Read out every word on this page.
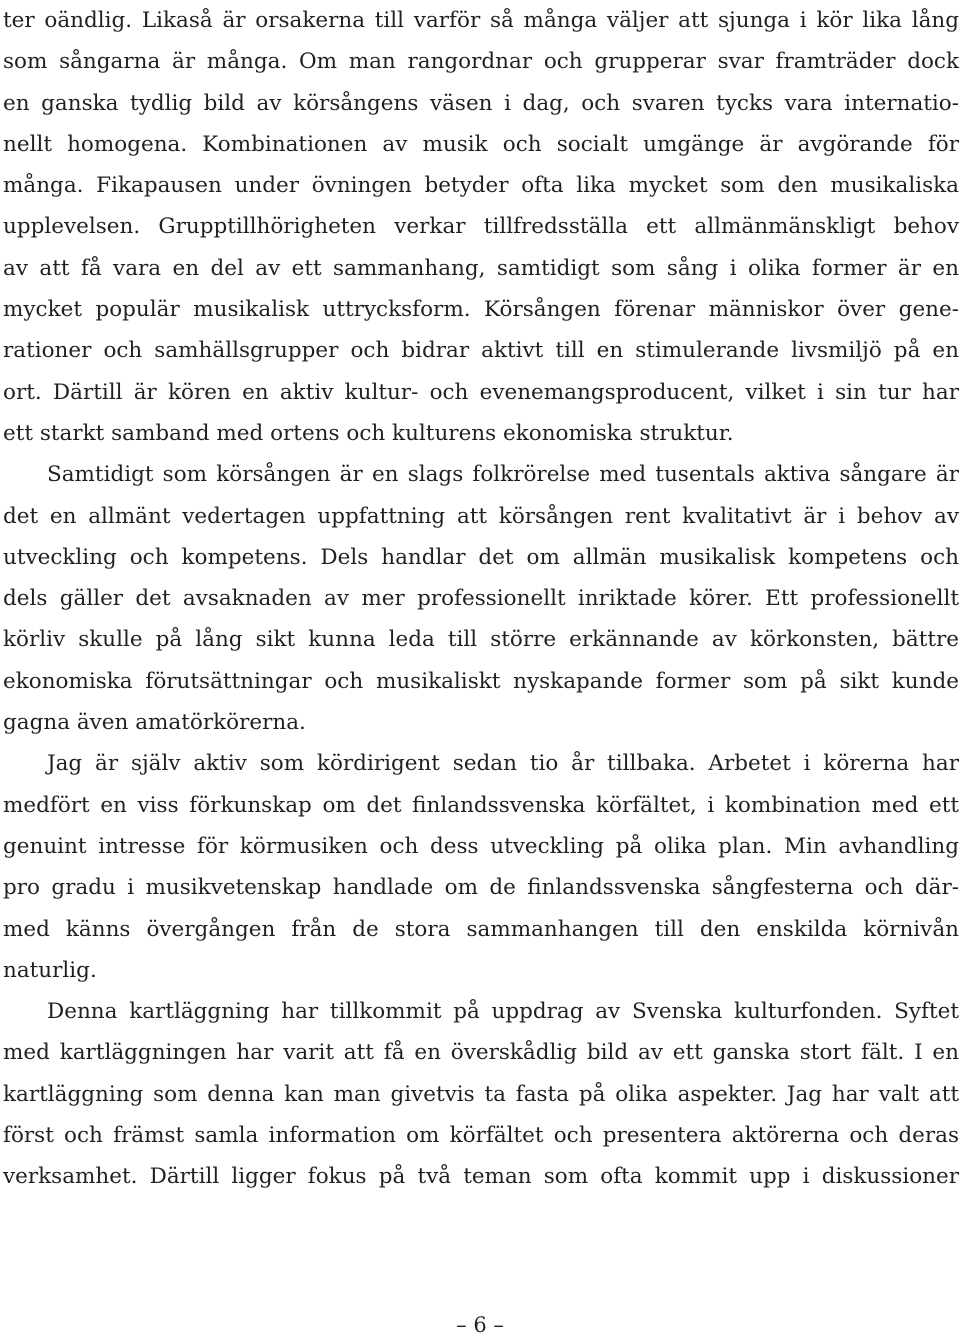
ter oändlig. Likaså är orsakerna till varför så många väljer att sjunga i kör lika lång
som sångarna är många. Om man rangordnar och grupperar svar framträder dock
en ganska tydlig bild av körsångens väsen i dag, och svaren tycks vara internatio-
nellt homogena. Kombinationen av musik och socialt umgänge är avgörande för
många. Fikapausen under övningen betyder ofta lika mycket som den musikaliska
upplevelsen. Grupptillhörigheten verkar tillfredsställa ett allmänmänskligt behov
av att få vara en del av ett sammanhang, samtidigt som sång i olika former är en
mycket populär musikalisk uttrycksform. Körsången förenar människor över gene-
rationer och samhällsgrupper och bidrar aktivt till en stimulerande livsmiljö på en
ort. Därtill är kören en aktiv kultur- och evenemangsproducent, vilket i sin tur har
ett starkt samband med ortens och kulturens ekonomiska struktur.
Samtidigt som körsången är en slags folkrörelse med tusentals aktiva sångare är
det en allmänt vedertagen uppfattning att körsången rent kvalitativt är i behov av
utveckling och kompetens. Dels handlar det om allmän musikalisk kompetens och
dels gäller det avsaknaden av mer professionellt inriktade körer. Ett professionellt
körliv skulle på lång sikt kunna leda till större erkännande av körkonsten, bättre
ekonomiska förutsättningar och musikaliskt nyskapande former som på sikt kunde
gagna även amatörkörerna.
Jag är själv aktiv som kördirigent sedan tio år tillbaka. Arbetet i körerna har
medfört en viss förkunskap om det finlandssvenska körfältet, i kombination med ett
genuint intresse för körmusiken och dess utveckling på olika plan. Min avhandling
pro gradu i musikvetenskap handlade om de finlandssvenska sångfesterna och där-
med känns övergången från de stora sammanhangen till den enskilda körnivån
naturlig.
Denna kartläggning har tillkommit på uppdrag av Svenska kulturfonden. Syftet
med kartläggningen har varit att få en överskådlig bild av ett ganska stort fält. I en
kartläggning som denna kan man givetvis ta fasta på olika aspekter. Jag har valt att
först och främst samla information om körfältet och presentera aktörerna och deras
verksamhet. Därtill ligger fokus på två teman som ofta kommit upp i diskussioner
– 6 –
